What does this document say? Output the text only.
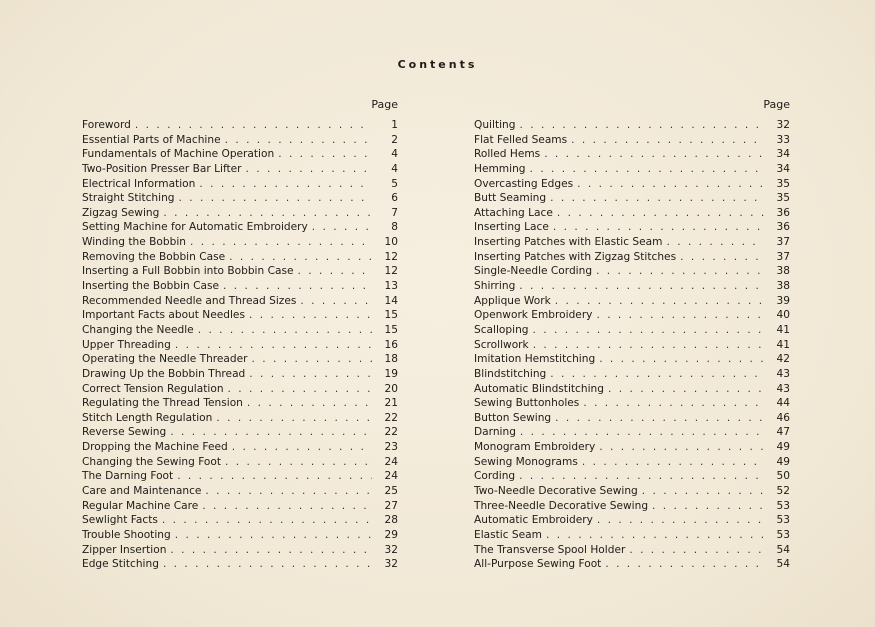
Contents
Page
Foreword . . .	1
Essential Parts of Machine . . .	2
Fundamentals of Machine Operation . . .	4
Two-Position Presser Bar Lifter . . .	4
Electrical Information . . .	5
Straight Stitching . . .	6
Zigzag Sewing . . .	7
Setting Machine for Automatic Embroidery . . .	8
Winding the Bobbin . . .	10
Removing the Bobbin Case . . .	12
Inserting a Full Bobbin into Bobbin Case . . .	12
Inserting the Bobbin Case . . .	13
Recommended Needle and Thread Sizes . . .	14
Important Facts about Needles . . .	15
Changing the Needle . . .	15
Upper Threading . . .	16
Operating the Needle Threader . . .	18
Drawing Up the Bobbin Thread . . .	19
Correct Tension Regulation . . .	20
Regulating the Thread Tension . . .	21
Stitch Length Regulation . . .	22
Reverse Sewing . . .	22
Dropping the Machine Feed . . .	23
Changing the Sewing Foot . . .	24
The Darning Foot . . .	24
Care and Maintenance . . .	25
Regular Machine Care . . .	27
Sewlight Facts . . .	28
Trouble Shooting . . .	29
Zipper Insertion . . .	32
Edge Stitching . . .	32
Page
Quilting . . .	32
Flat Felled Seams . . .	33
Rolled Hems . . .	34
Hemming . . .	34
Overcasting Edges . . .	35
Butt Seaming . . .	35
Attaching Lace . . .	36
Inserting Lace . . .	36
Inserting Patches with Elastic Seam . . .	37
Inserting Patches with Zigzag Stitches . . .	37
Single-Needle Cording . . .	38
Shirring . . .	38
Applique Work . . .	39
Openwork Embroidery . . .	40
Scalloping . . .	41
Scrollwork . . .	41
Imitation Hemstitching . . .	42
Blindstitching . . .	43
Automatic Blindstitching . . .	43
Sewing Buttonholes . . .	44
Button Sewing . . .	46
Darning . . .	47
Monogram Embroidery . . .	49
Sewing Monograms . . .	49
Cording . . .	50
Two-Needle Decorative Sewing . . .	52
Three-Needle Decorative Sewing . . .	53
Automatic Embroidery . . .	53
Elastic Seam . . .	53
The Transverse Spool Holder . . .	54
All-Purpose Sewing Foot . . .	54
